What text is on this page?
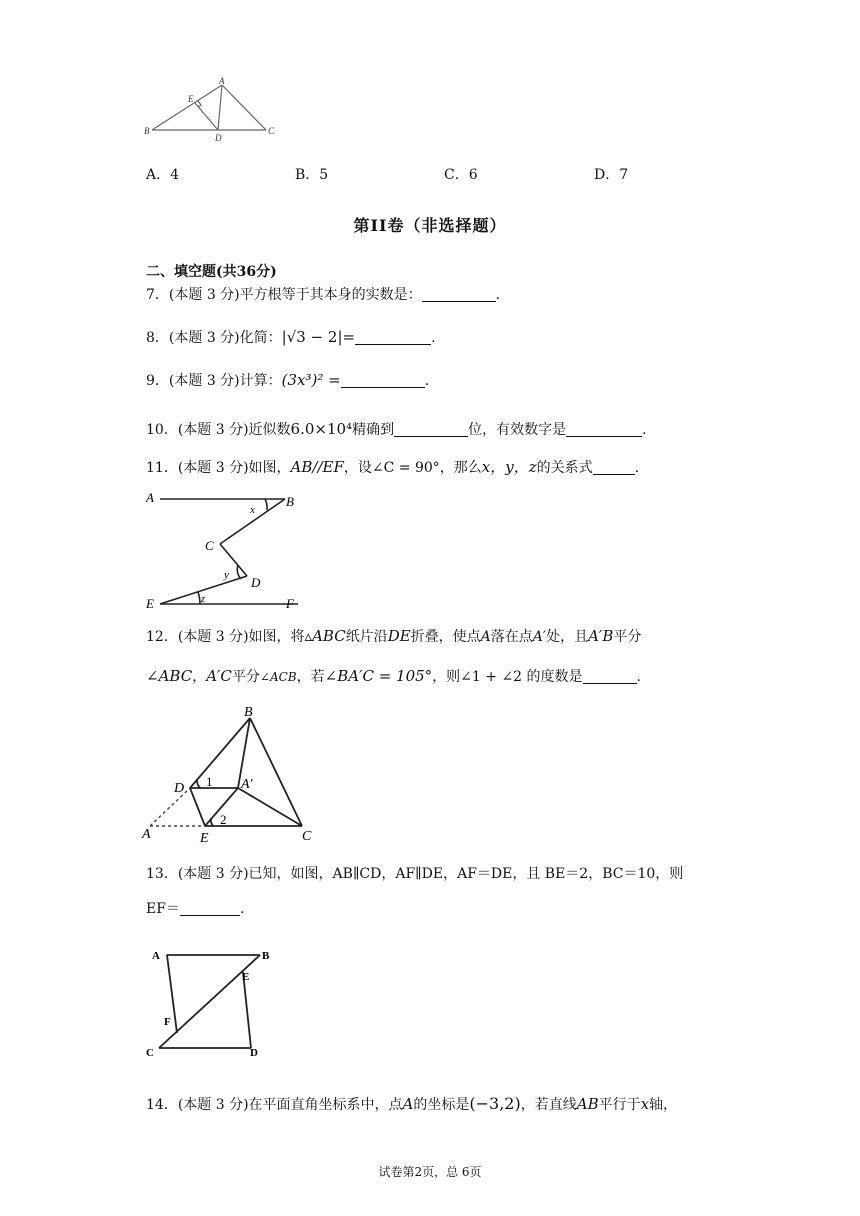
A
B	C
D
E
A．4	B．5	C．6	D．7
第II卷（非选择题）
二、填空题(共36分)
7．(本题 3 分)平方根等于其本身的实数是：	.
8．(本题 3 分)化简：|√3 − 2|=	.
9．(本题 3 分)计算：(3x³)² =	.
10．(本题 3 分)近似数6.0×10⁴精确到	位，有效数字是	.
11．(本题 3 分)如图，AB//EF，设∠C = 90°，那么x，y，z的关系式	.
A	B
C
D
E	F
x
y
z
12．(本题 3 分)如图，将▵ABC纸片沿DE折叠，使点A落在点A′处，且A′B平分
∠ABC，A′C平分∠ACB，若∠BA′C = 105°，则∠1 + ∠2 的度数是	.
A
B
C
D
E
A′
1
2
13．(本题 3 分)已知，如图，AB∥CD，AF∥DE，AF＝DE，且 BE＝2，BC＝10，则
EF＝	.
A	B
C	D
E
F
14．(本题 3 分)在平面直角坐标系中，点A的坐标是(−3,2)，若直线AB平行于x轴，
试卷第2页，总 6页
